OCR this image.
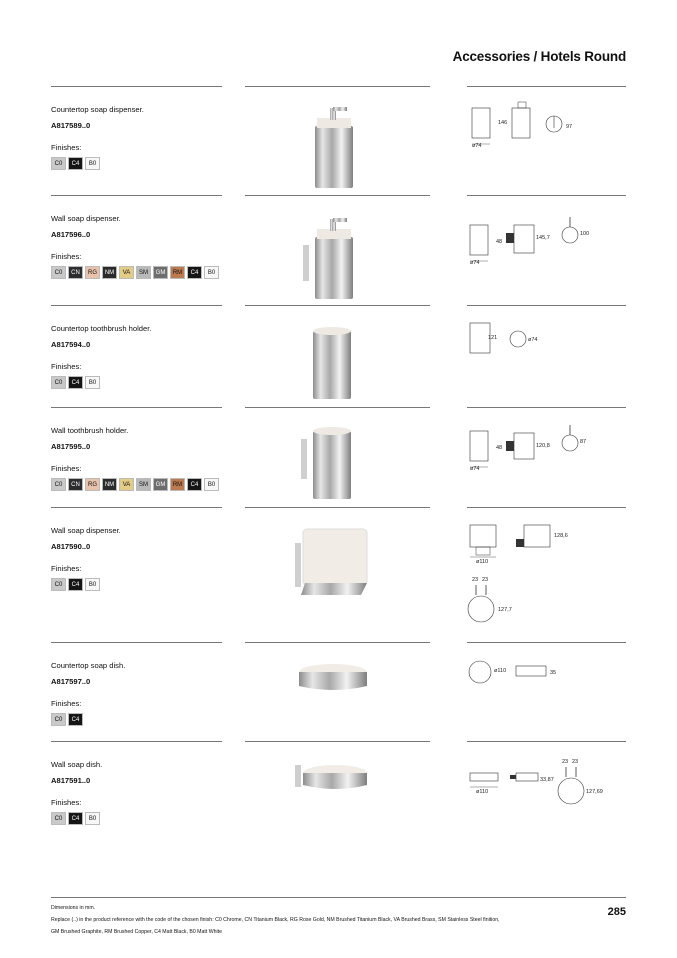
Accessories / Hotels Round
Countertop soap dispenser.
A817589..0
Finishes:
C0	C4	B0
ø74
146
97
Wall soap dispenser.
A817596..0
Finishes:
C0	CN	RG	NM	VA	SM	GM	RM	C4	B0
ø74
48
145,7
100
Countertop toothbrush holder.
A817594..0
Finishes:
C0	C4	B0
121	ø74
Wall toothbrush holder.
A817595..0
Finishes:
C0	CN	RG	NM	VA	SM	GM	RM	C4	B0
ø74
48	120,8
87
Wall soap dispenser.
A817590..0
Finishes:
C0	C4	B0
ø110
128,6
23 23
127,7
Countertop soap dish.
A817597..0
Finishes:
C0	C4
ø110	35
Wall soap dish.
A817591..0
Finishes:
C0	C4	B0
ø110
33,87
23 23
127,69
Dimensions in mm.
Replace (..) in the product reference with the code of the chosen finish: C0 Chrome, CN Titanium Black, RG Rose Gold, NM Brushed Titanium Black, VA Brushed Brass, SM Stainless Steel finition,
GM Brushed Graphite, RM Brushed Copper, C4 Matt Black, B0 Matt White
285
